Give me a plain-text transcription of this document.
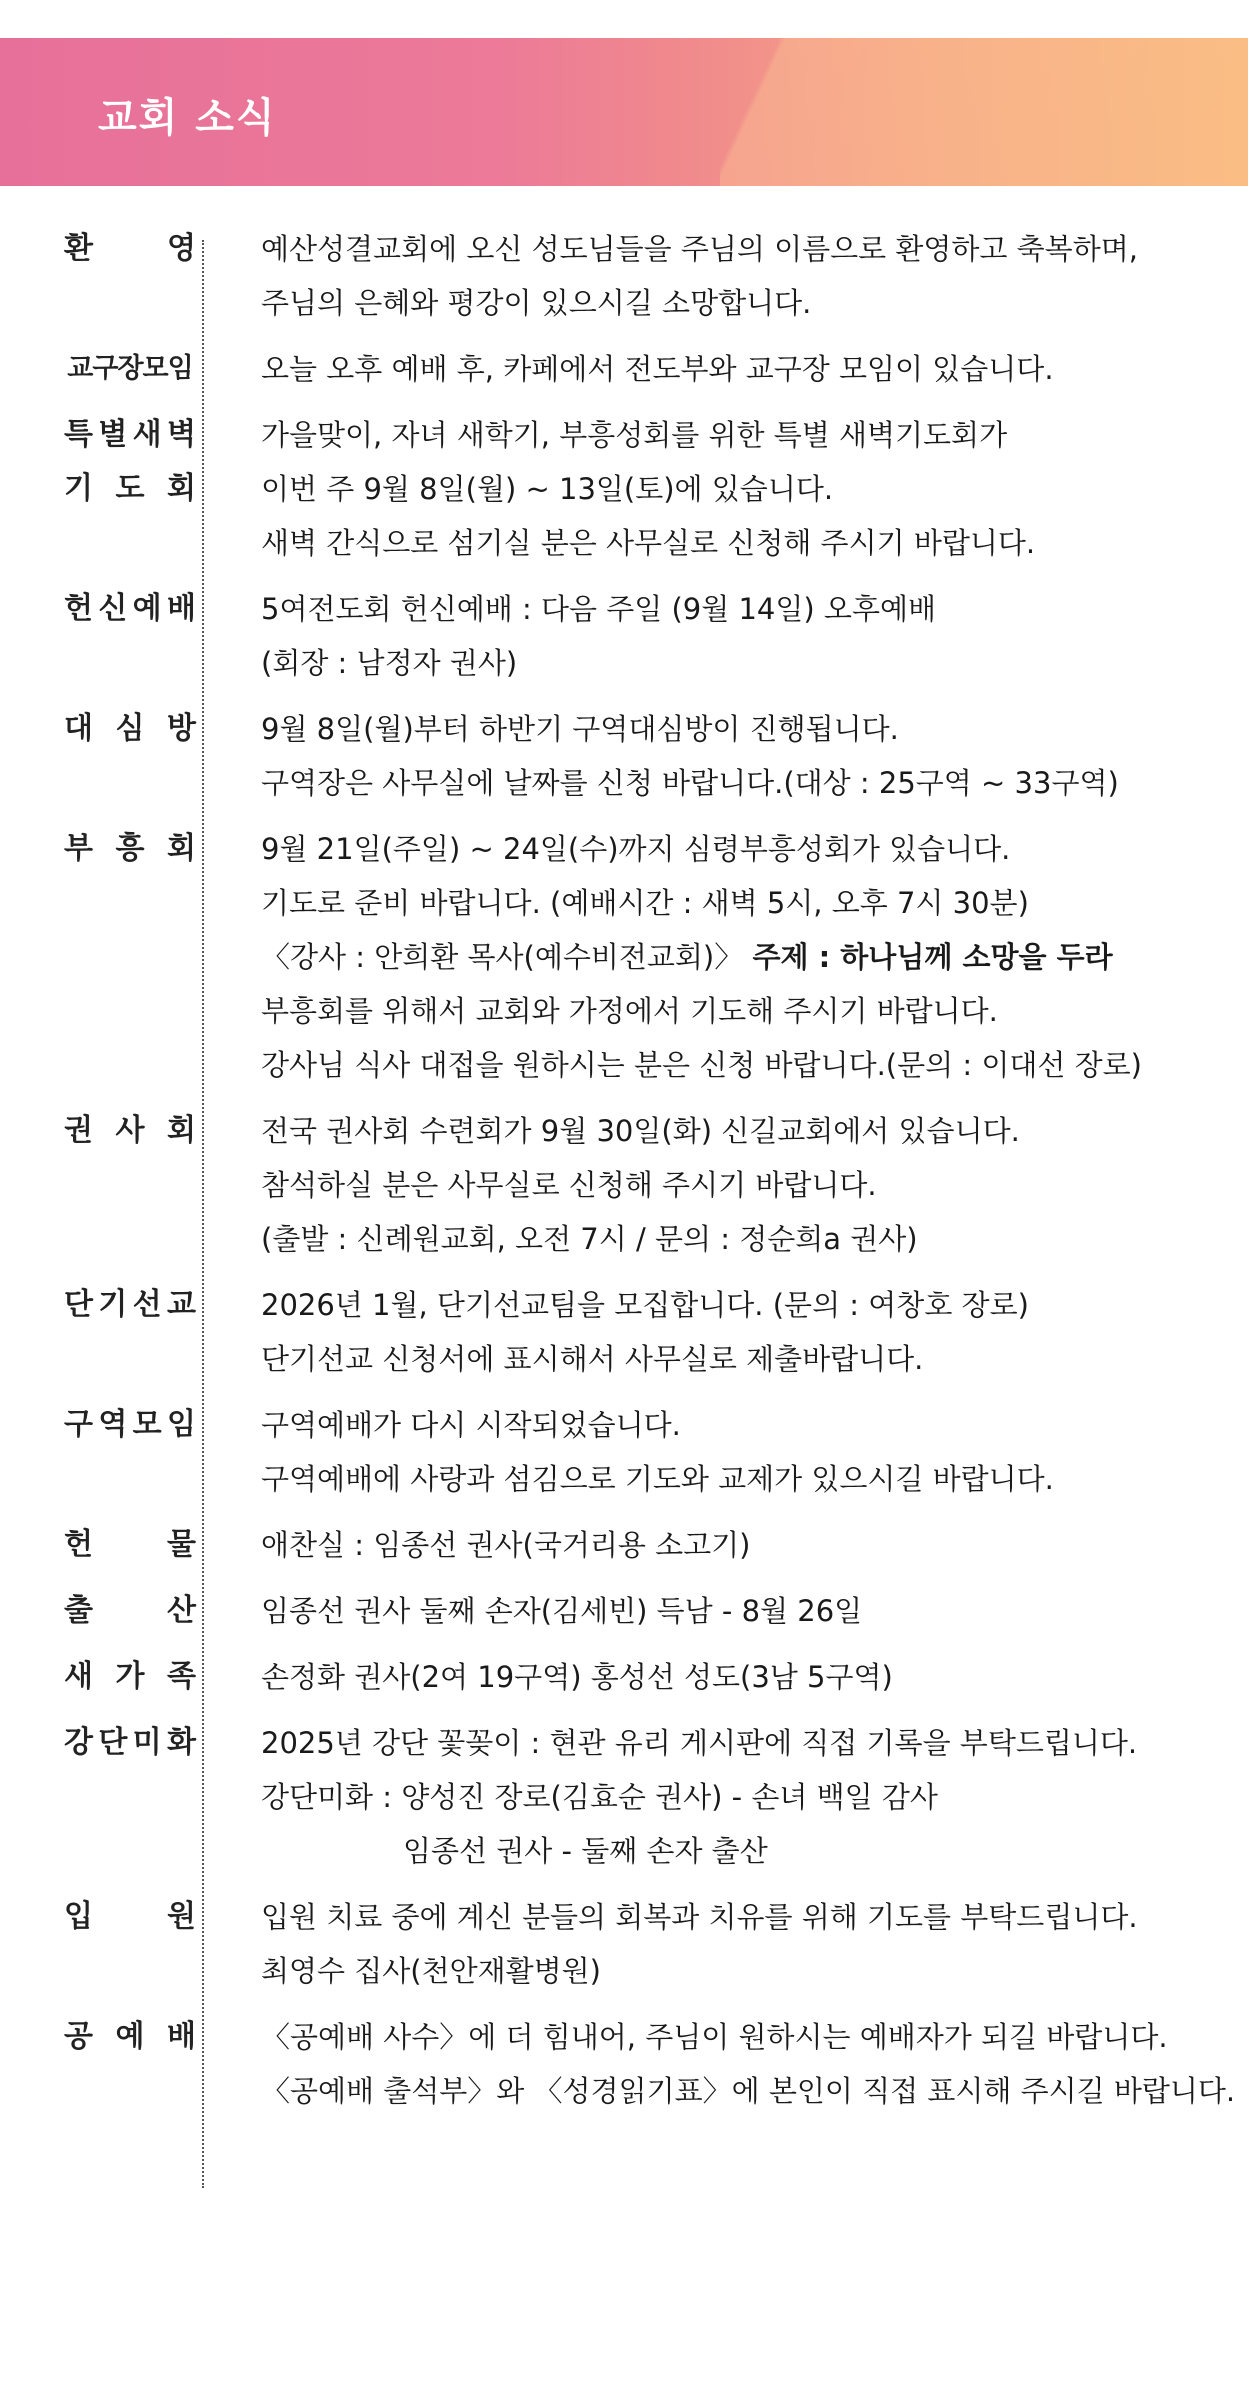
교회 소식
환 영 예산성결교회에 오신 성도님들을 주님의 이름으로 환영하고 축복하며,
주님의 은혜와 평강이 있으시길 소망합니다.
교구장모임 오늘 오후 예배 후, 카페에서 전도부와 교구장 모임이 있습니다.
특 별 새 벽
기 도 회
가을맞이, 자녀 새학기, 부흥성회를 위한 특별 새벽기도회가
이번 주 9월 8일(월) ~ 13일(토)에 있습니다.
새벽 간식으로 섬기실 분은 사무실로 신청해 주시기 바랍니다.
헌 신 예 배 5여전도회 헌신예배 : 다음 주일 (9월 14일) 오후예배
(회장 : 남정자 권사)
대 심 방 9월 8일(월)부터 하반기 구역대심방이 진행됩니다.
구역장은 사무실에 날짜를 신청 바랍니다.(대상 : 25구역 ~ 33구역)
부 흥 회 9월 21일(주일) ~ 24일(수)까지 심령부흥성회가 있습니다.
기도로 준비 바랍니다. (예배시간 : 새벽 5시, 오후 7시 30분)
〈강사 : 안희환 목사(예수비전교회)〉 주제 : 하나님께 소망을 두라
부흥회를 위해서 교회와 가정에서 기도해 주시기 바랍니다.
강사님 식사 대접을 원하시는 분은 신청 바랍니다.(문의 : 이대선 장로)
권 사 회 전국 권사회 수련회가 9월 30일(화) 신길교회에서 있습니다.
참석하실 분은 사무실로 신청해 주시기 바랍니다.
(출발 : 신례원교회, 오전 7시 / 문의 : 정순희a 권사)
단 기 선 교 2026년 1월, 단기선교팀을 모집합니다. (문의 : 여창호 장로)
단기선교 신청서에 표시해서 사무실로 제출바랍니다.
구 역 모 임 구역예배가 다시 시작되었습니다.
구역예배에 사랑과 섬김으로 기도와 교제가 있으시길 바랍니다.
헌 물 애찬실 : 임종선 권사(국거리용 소고기)
출 산 임종선 권사 둘째 손자(김세빈) 득남 - 8월 26일
새 가 족 손정화 권사(2여 19구역) 홍성선 성도(3남 5구역)
강 단 미 화 2025년 강단 꽃꽂이 : 현관 유리 게시판에 직접 기록을 부탁드립니다.
강단미화 : 양성진 장로(김효순 권사) - 손녀 백일 감사
임종선 권사 - 둘째 손자 출산
입 원 입원 치료 중에 계신 분들의 회복과 치유를 위해 기도를 부탁드립니다.
최영수 집사(천안재활병원)
공 예 배 〈공예배 사수〉에 더 힘내어, 주님이 원하시는 예배자가 되길 바랍니다.
〈공예배 출석부〉와 〈성경읽기표〉에 본인이 직접 표시해 주시길 바랍니다.
